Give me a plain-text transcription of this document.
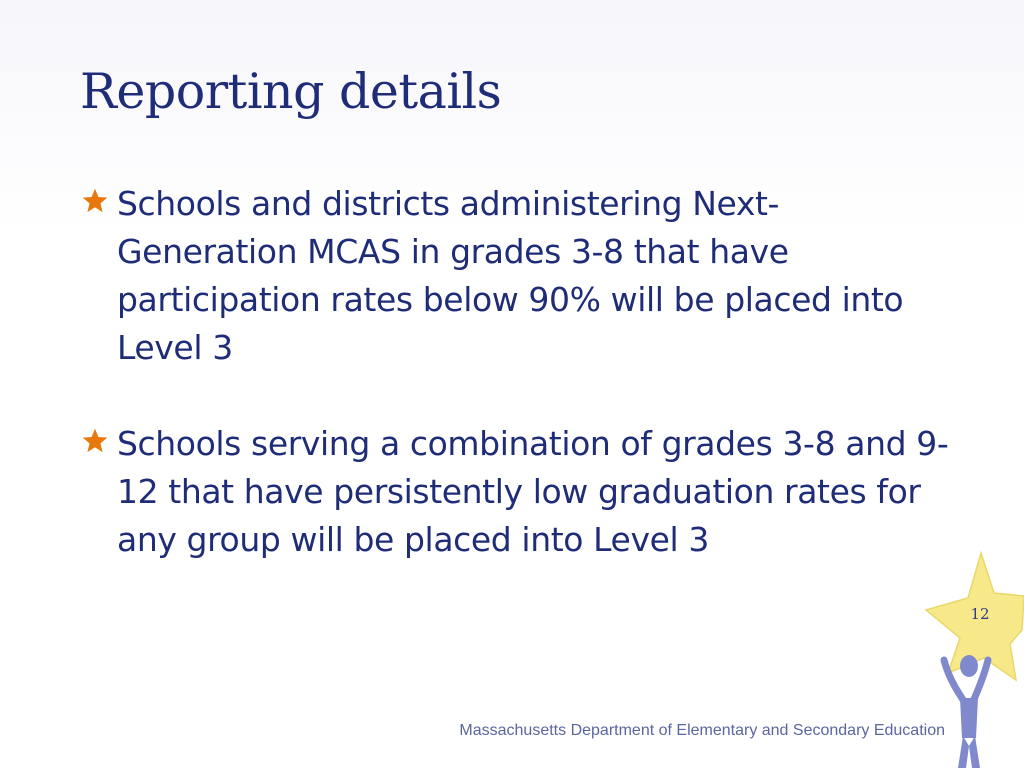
Reporting details
Schools and districts administering Next-Generation MCAS in grades 3-8 that have participation rates below 90% will be placed into Level 3
Schools serving a combination of grades 3-8 and 9-12 that have persistently low graduation rates for any group will be placed into Level 3
12
Massachusetts Department of Elementary and Secondary Education
